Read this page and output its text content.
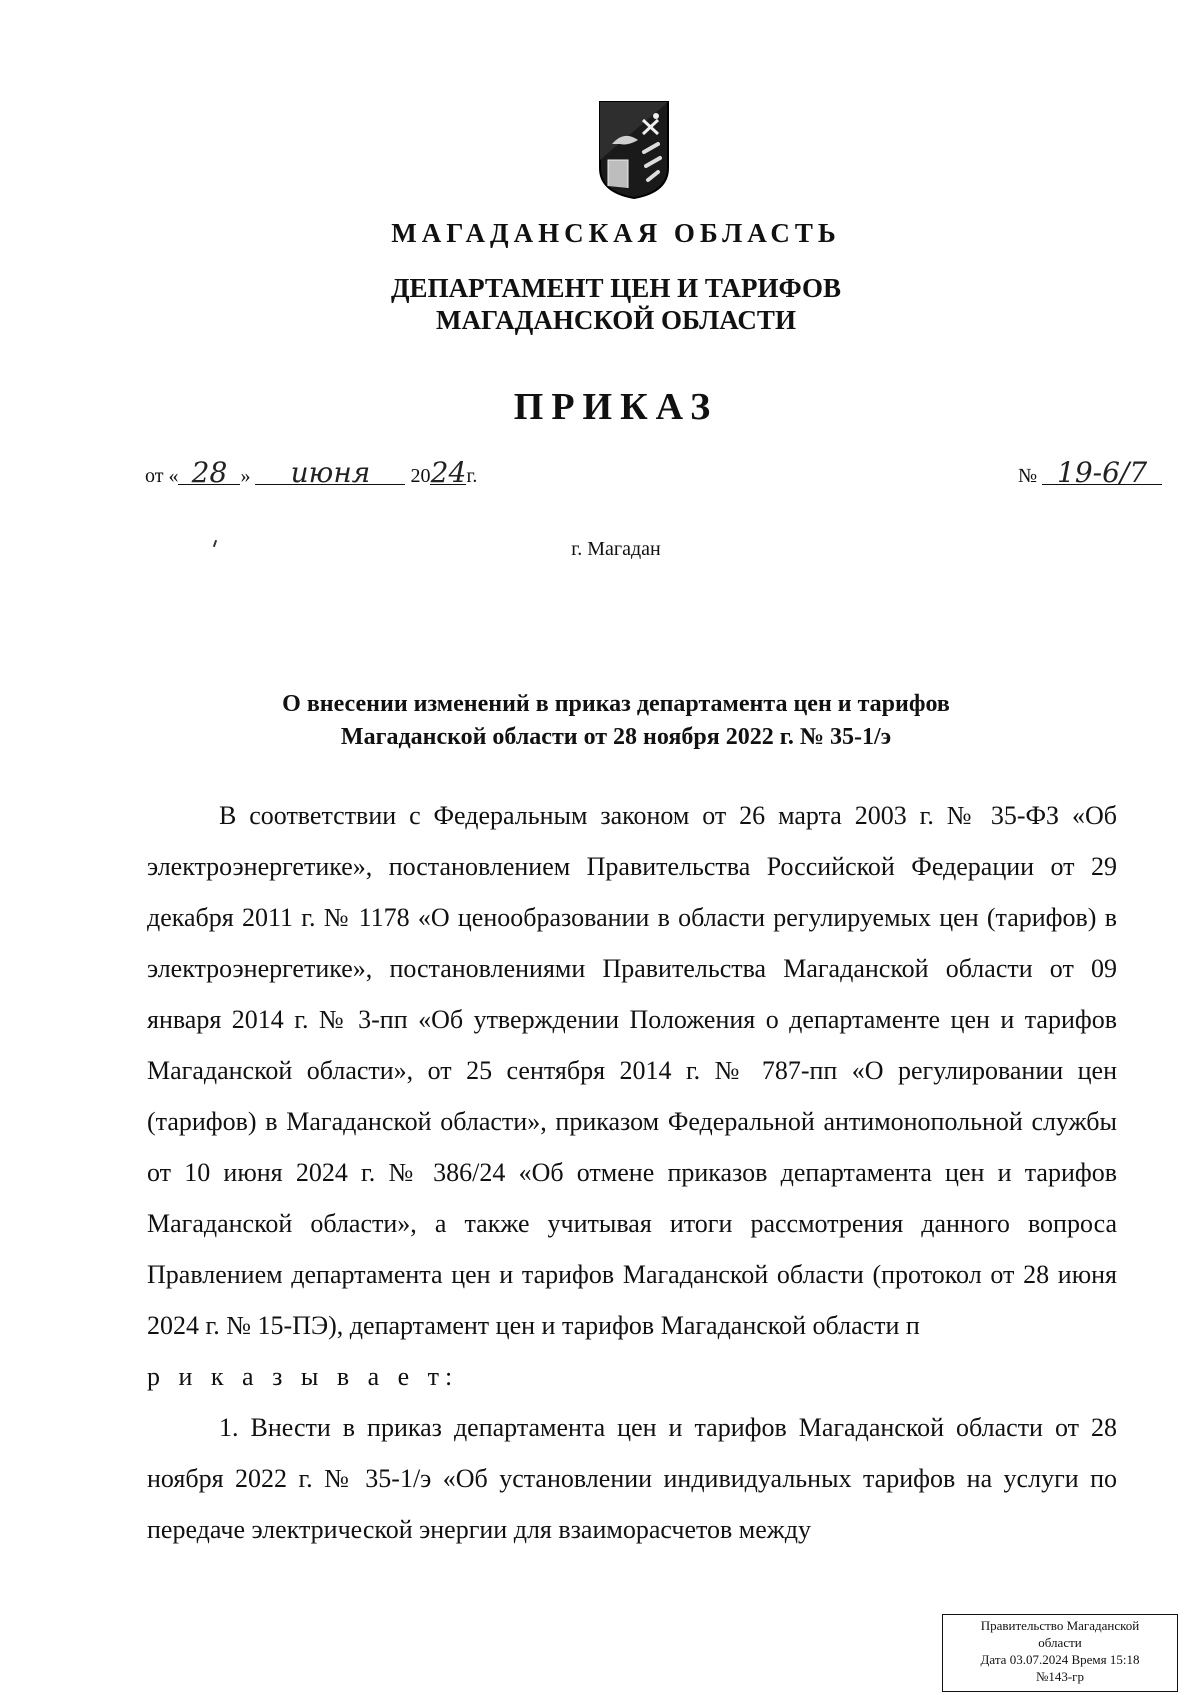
МАГАДАНСКАЯ ОБЛАСТЬ
ДЕПАРТАМЕНТ ЦЕН И ТАРИФОВ
МАГАДАНСКОЙ ОБЛАСТИ
ПРИКАЗ
от « 28 » июня 2024г.	№ 19-6/7
г. Магадан
О внесении изменений в приказ департамента цен и тарифов
Магаданской области от 28 ноября 2022 г. № 35-1/э

В соответствии с Федеральным законом от 26 марта 2003 г. № 35-ФЗ «Об электроэнергетике», постановлением Правительства Российской Федерации от 29 декабря 2011 г. № 1178 «О ценообразовании в области регулируемых цен (тарифов) в электроэнергетике», постановлениями Правительства Магаданской области от 09 января 2014 г. № 3-пп «Об утверждении Положения о департаменте цен и тарифов Магаданской области», от 25 сентября 2014 г. № 787-пп «О регулировании цен (тарифов) в Магаданской области», приказом Федеральной антимонопольной службы от 10 июня 2024 г. № 386/24 «Об отмене приказов департамента цен и тарифов Магаданской области», а также учитывая итоги рассмотрения данного вопроса Правлением департамента цен и тарифов Магаданской области (протокол от 28 июня 2024 г. № 15-ПЭ), департамент цен и тарифов Магаданской области п

р и к а з ы в а е т:

1. Внести в приказ департамента цен и тарифов Магаданской области от 28 ноября 2022 г. № 35-1/э «Об установлении индивидуальных тарифов на услуги по передаче электрической энергии для взаиморасчетов между

Правительство Магаданской
области
Дата 03.07.2024 Время 15:18
№143-гр
